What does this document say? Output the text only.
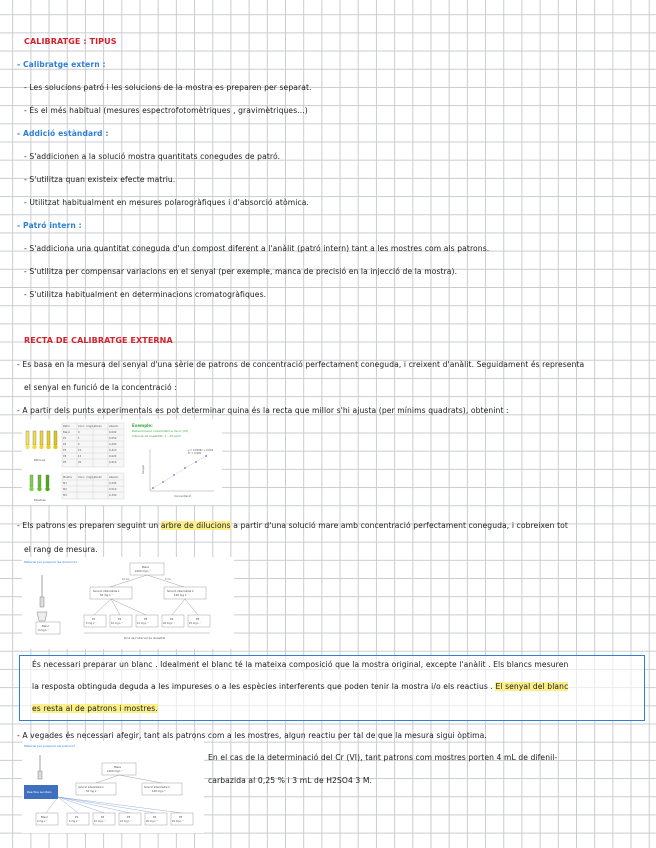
CALIBRATGE : TIPUS
- Calibratge extern :
- Les solucions patró i les solucions de la mostra es preparen per separat.
- És el més habitual (mesures espectrofotomètriques , gravimètriques...)
- Addició estàndard :
- S'addicionen a la solució mostra quantitats conegudes de patró.
- S'utilitza quan existeix efecte matriu.
- Utilitzat habitualment en mesures polarogràfiques i d'absorció atòmica.
- Patró intern :
- S'addiciona una quantitat coneguda d'un compost diferent a l'anàlit (patró intern) tant a les mostres com als patrons.
- S'utilitza per compensar variacions en el senyal (per exemple, manca de precisió en la injecció de la mostra).
- S'utilitza habitualment en determinacions cromatogràfiques.
RECTA DE CALIBRATGE EXTERNA
- Es basa en la mesura del senyal d'una sèrie de patrons de concentració perfectament coneguda, i creixent d'anàlit. Seguidament és representa
el senyal en funció de la concentració :
- A partir dels punts experimentals es pot determinar quina és la recta que millor s'hi ajusta (per mínims quadrats), obtenint :
Patrons
Mostres
Patró	Conc. (mg/L) Volum	Absorb.
Blanc	0	0,000
P1	1	0,050
P2	5	0,200
P3	10	0,410
P4	15	0,620
P5	20	0,810
Mostra Conc. (mg/L) Volum	Absorb.
M1	0,245
M2	0,510
M3	0,330
Exemple:
Determinació colorimètrica de Cr (VI)
Interval de linealitat: 1 – 25 ppm
y = 0,0406x + 0,004
R² = 0,999
Concentració
Senyal
- Els patrons es preparen seguint un arbre de dilucions a partir d'una solució mare amb concentració perfectament coneguda, i cobreixen tot
el rang de mesura.
Material per preparar les dilucions?
Blanc
0 mg L⁻¹
Mare
1000 mg L⁻¹
10 mL	5 mL
Solució intermèdia 1
50 mg L⁻¹
Solució intermèdia 2
100 mg L⁻¹
P1
5 mg L⁻¹
P2
10 mg L⁻¹
P3
15 mg L⁻¹
P4
20 mg L⁻¹
P5
25 mg L⁻¹
Dins de l'interval de linealitat
És necessari preparar un blanc . Idealment el blanc té la mateixa composició que la mostra original, excepte l'anàlit . Els blancs mesuren
la resposta obtinguda deguda a les impureses o a les espècies interferents que poden tenir la mostra i/o els reactius . El senyal del blanc
es resta al de patrons i mostres.
- A vegades és necessari afegir, tant als patrons com a les mostres, algun reactiu per tal de que la mesura sigui òptima.
Material per preparar els patrons?
Reactius auxiliars
Mare
1000 mg L⁻¹
Solució intermèdia 1
50 mg L⁻¹
Solució intermèdia 2
100 mg L⁻¹
Blanc
0 mg L⁻¹
P1
5 mg L⁻¹
P2
10 mg L⁻¹
P3
15 mg L⁻¹
P4
20 mg L⁻¹
P5
25 mg L⁻¹
En el cas de la determinació del Cr (VI), tant patrons com mostres porten 4 mL de difenil-
carbazida al 0,25 % i 3 mL de H2SO4 3 M.
